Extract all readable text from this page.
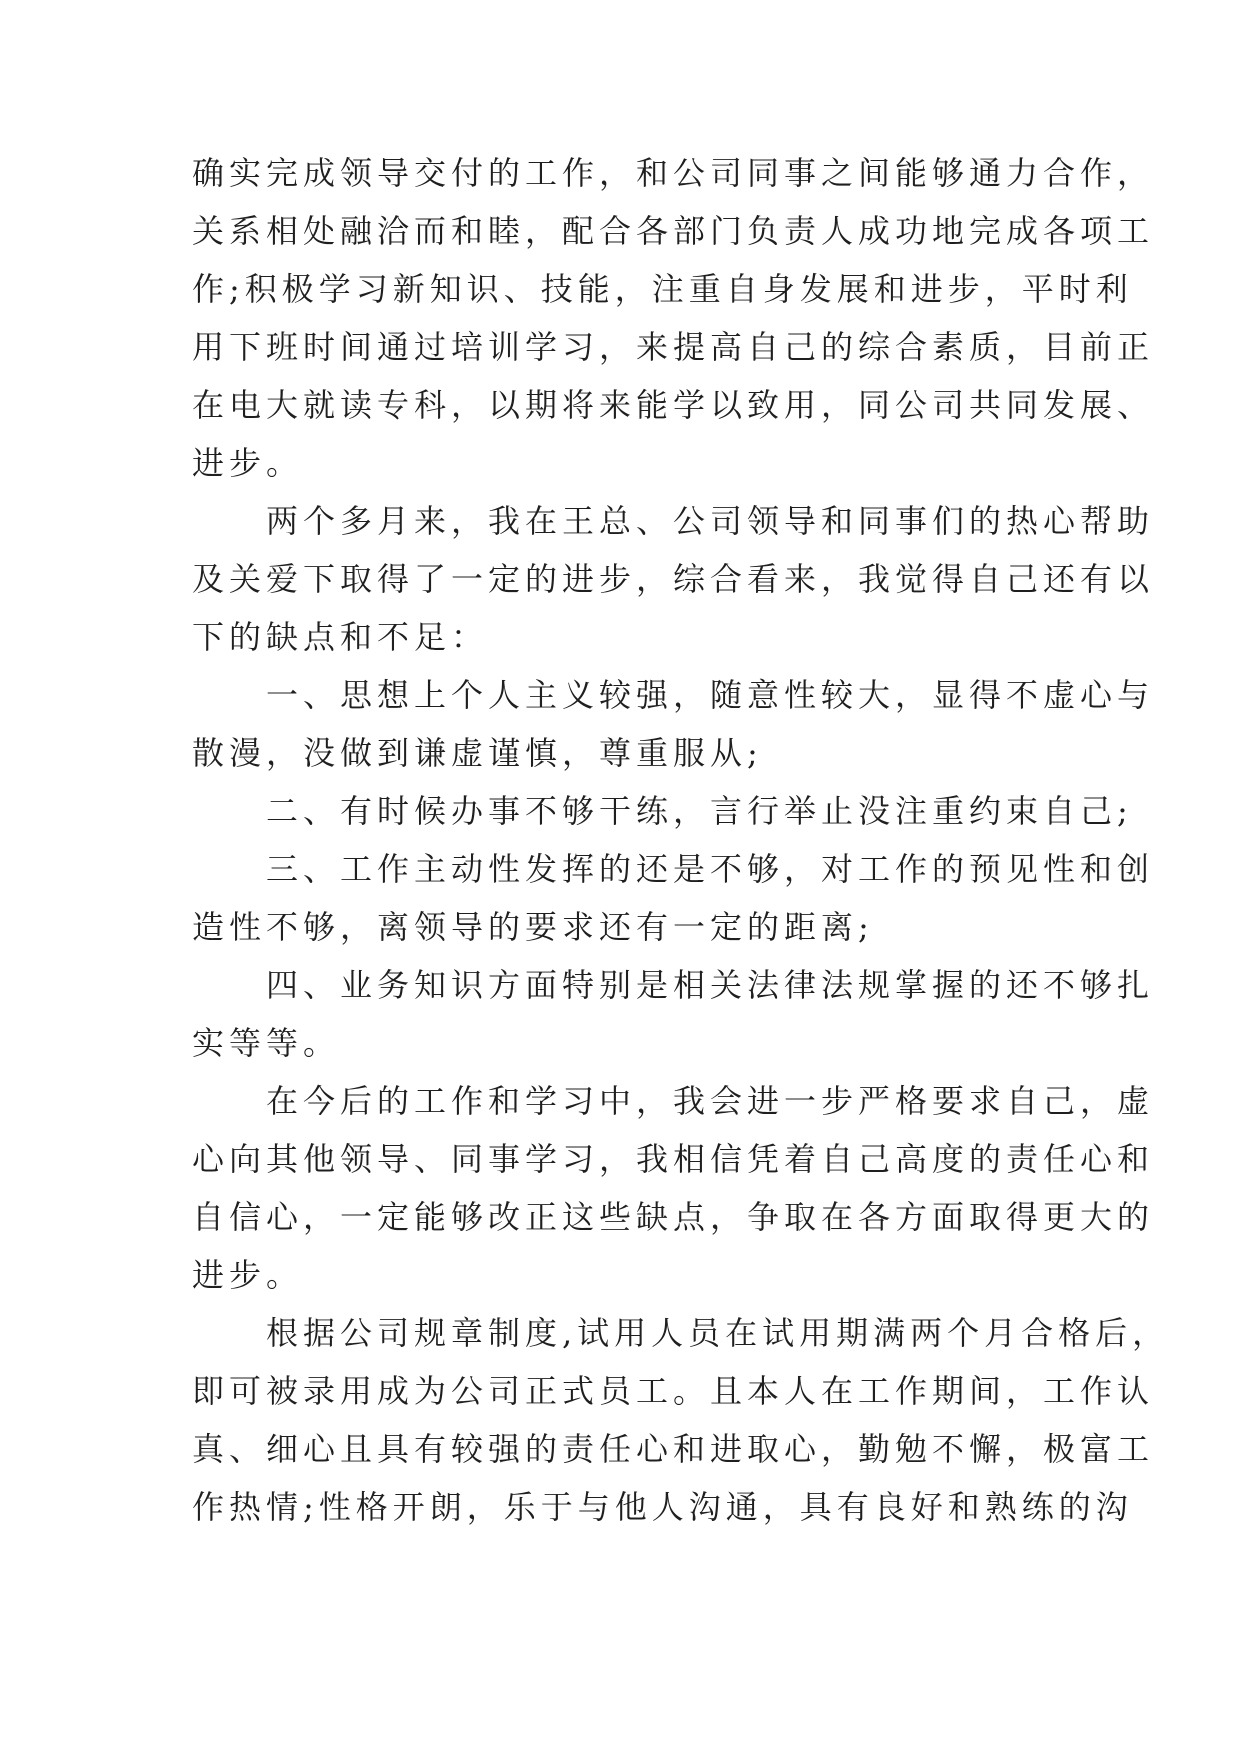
确实完成领导交付的工作，和公司同事之间能够通力合作，
关系相处融洽而和睦，配合各部门负责人成功地完成各项工
作;积极学习新知识、技能，注重自身发展和进步，平时利
用下班时间通过培训学习，来提高自己的综合素质，目前正
在电大就读专科，以期将来能学以致用，同公司共同发展、
进步。
两个多月来，我在王总、公司领导和同事们的热心帮助
及关爱下取得了一定的进步，综合看来，我觉得自己还有以
下的缺点和不足：
一、思想上个人主义较强，随意性较大，显得不虚心与
散漫，没做到谦虚谨慎，尊重服从;
二、有时候办事不够干练，言行举止没注重约束自己;
三、工作主动性发挥的还是不够，对工作的预见性和创
造性不够，离领导的要求还有一定的距离;
四、业务知识方面特别是相关法律法规掌握的还不够扎
实等等。
在今后的工作和学习中，我会进一步严格要求自己，虚
心向其他领导、同事学习，我相信凭着自己高度的责任心和
自信心，一定能够改正这些缺点，争取在各方面取得更大的
进步。
根据公司规章制度,试用人员在试用期满两个月合格后，
即可被录用成为公司正式员工。且本人在工作期间，工作认
真、细心且具有较强的责任心和进取心，勤勉不懈，极富工
作热情;性格开朗，乐于与他人沟通，具有良好和熟练的沟
